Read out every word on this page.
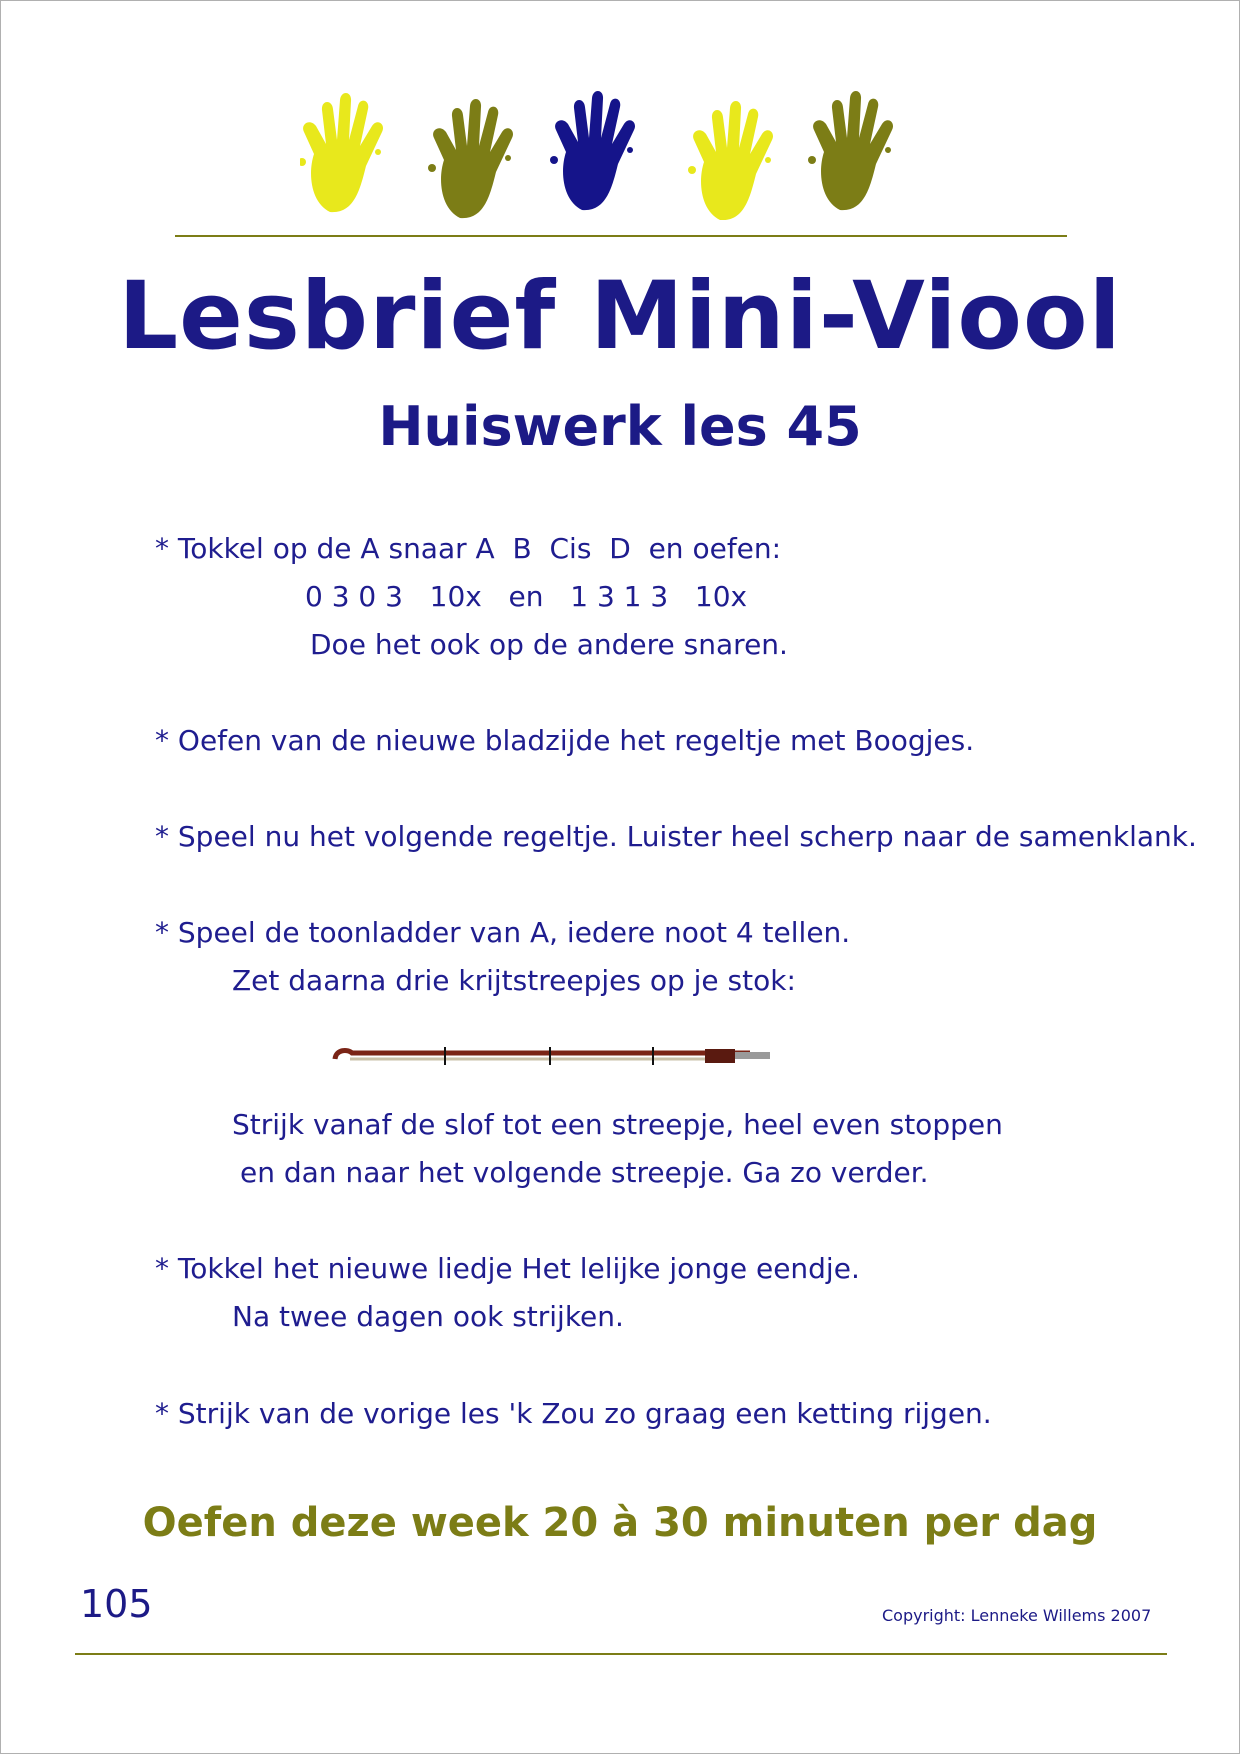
Lesbrief Mini-Viool
Huiswerk les 45
* Tokkel op de A snaar A  B  Cis  D  en oefen:
0 3 0 3   10x   en   1 3 1 3   10x
Doe het ook op de andere snaren.
* Oefen van de nieuwe bladzijde het regeltje met Boogjes.
* Speel nu het volgende regeltje. Luister heel scherp naar de samenklank.
* Speel de toonladder van A, iedere noot 4 tellen.
Zet daarna drie krijtstreepjes op je stok:
Strijk vanaf de slof tot een streepje, heel even stoppen
en dan naar het volgende streepje. Ga zo verder.
* Tokkel het nieuwe liedje Het lelijke jonge eendje.
Na twee dagen ook strijken.
* Strijk van de vorige les 'k Zou zo graag een ketting rijgen.
Oefen deze week 20 à 30 minuten per dag
105	Copyright: Lenneke Willems 2007
